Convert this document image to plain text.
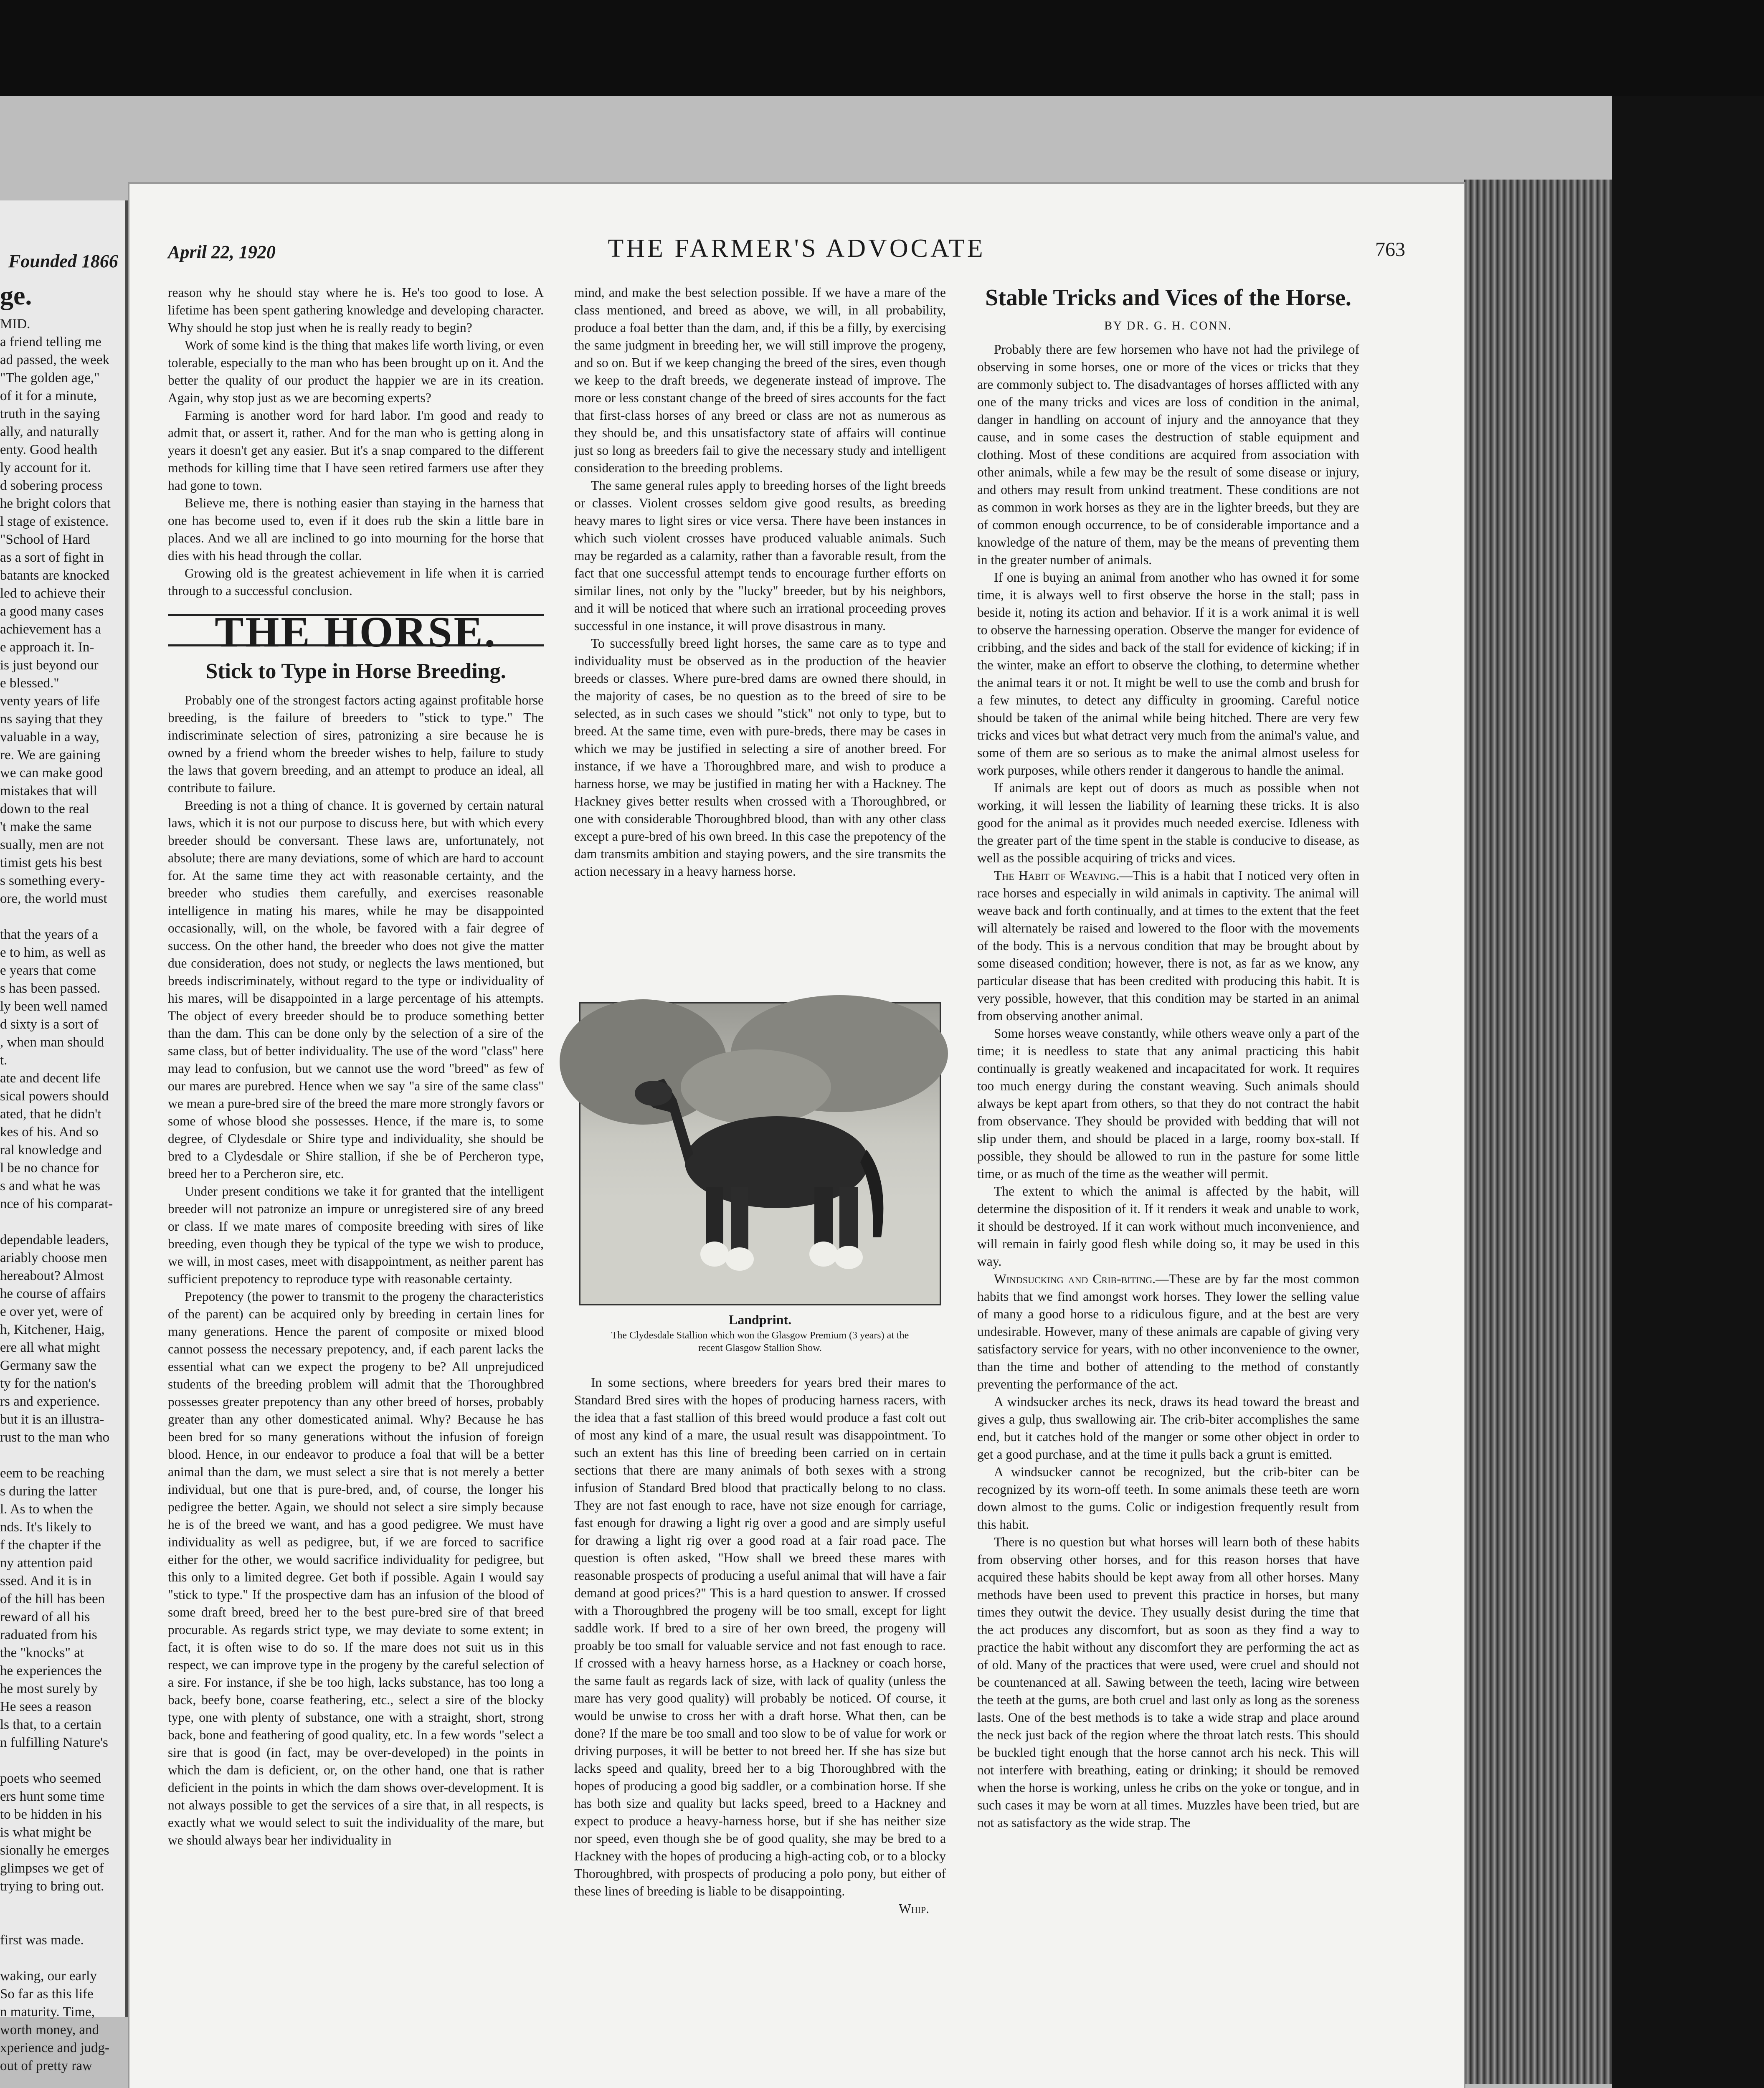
Founded 1866
ge.
MID.
a friend telling me
ad passed, the week
"The golden age,"
of it for a minute,
truth in the saying
ally, and naturally
enty. Good health
ly account for it.
d sobering process
he bright colors that
l stage of existence.
"School of Hard
as a sort of fight in
batants are knocked
led to achieve their
a good many cases
achievement has a
e approach it. In-
is just beyond our
e blessed."
venty years of life
ns saying that they
valuable in a way,
re. We are gaining
we can make good
mistakes that will
down to the real
't make the same
sually, men are not
timist gets his best
s something every-
ore, the world must

that the years of a
e to him, as well as
e years that come
s has been passed.
ly been well named
d sixty is a sort of
, when man should
t.
ate and decent life
sical powers should
ated, that he didn't
kes of his. And so
ral knowledge and
l be no chance for
s and what he was
nce of his comparat-

dependable leaders,
ariably choose men
hereabout? Almost
he course of affairs
e over yet, were of
h, Kitchener, Haig,
ere all what might
Germany saw the
ty for the nation's
rs and experience.
but it is an illustra-
rust to the man who

eem to be reaching
s during the latter
l. As to when the
nds. It's likely to
f the chapter if the
ny attention paid
ssed. And it is in
of the hill has been
reward of all his
raduated from his
the "knocks" at
he experiences the
he most surely by
He sees a reason
ls that, to a certain
n fulfilling Nature's

poets who seemed
ers hunt some time
to be hidden in his
is what might be
sionally he emerges
glimpses we get of
trying to bring out.

first was made.

waking, our early
So far as this life
n maturity. Time,
worth money, and
xperience and judg-
out of pretty raw

April 22, 1920	THE FARMER'S ADVOCATE	763

reason why he should stay where he is. He's too good to lose. A lifetime has been spent gathering knowledge and developing character. Why should he stop just when he is really ready to begin?

Work of some kind is the thing that makes life worth living, or even tolerable, especially to the man who has been brought up on it. And the better the quality of our product the happier we are in its creation. Again, why stop just as we are becoming experts?

Farming is another word for hard labor. I'm good and ready to admit that, or assert it, rather. And for the man who is getting along in years it doesn't get any easier. But it's a snap compared to the different methods for killing time that I have seen retired farmers use after they had gone to town.

Believe me, there is nothing easier than staying in the harness that one has become used to, even if it does rub the skin a little bare in places. And we all are inclined to go into mourning for the horse that dies with his head through the collar.

Growing old is the greatest achievement in life when it is carried through to a successful conclusion.

THE HORSE.
Stick to Type in Horse Breeding.

Probably one of the strongest factors acting against profitable horse breeding, is the failure of breeders to "stick to type." The indiscriminate selection of sires, patronizing a sire because he is owned by a friend whom the breeder wishes to help, failure to study the laws that govern breeding, and an attempt to produce an ideal, all contribute to failure.

Breeding is not a thing of chance. It is governed by certain natural laws, which it is not our purpose to discuss here, but with which every breeder should be conversant. These laws are, unfortunately, not absolute; there are many deviations, some of which are hard to account for. At the same time they act with reasonable certainty, and the breeder who studies them carefully, and exercises reasonable intelligence in mating his mares, while he may be disappointed occasionally, will, on the whole, be favored with a fair degree of success. On the other hand, the breeder who does not give the matter due consideration, does not study, or neglects the laws mentioned, but breeds indiscriminately, without regard to the type or individuality of his mares, will be disappointed in a large percentage of his attempts. The object of every breeder should be to produce something better than the dam. This can be done only by the selection of a sire of the same class, but of better individuality. The use of the word "class" here may lead to confusion, but we cannot use the word "breed" as few of our mares are purebred. Hence when we say "a sire of the same class" we mean a pure-bred sire of the breed the mare more strongly favors or some of whose blood she possesses. Hence, if the mare is, to some degree, of Clydesdale or Shire type and individuality, she should be bred to a Clydesdale or Shire stallion, if she be of Percheron type, breed her to a Percheron sire, etc.

Under present conditions we take it for granted that the intelligent breeder will not patronize an impure or unregistered sire of any breed or class. If we mate mares of composite breeding with sires of like breeding, even though they be typical of the type we wish to produce, we will, in most cases, meet with disappointment, as neither parent has sufficient prepotency to reproduce type with reasonable certainty.

Prepotency (the power to transmit to the progeny the characteristics of the parent) can be acquired only by breeding in certain lines for many generations. Hence the parent of composite or mixed blood cannot possess the necessary prepotency, and, if each parent lacks the essential what can we expect the progeny to be? All unprejudiced students of the breeding problem will admit that the Thoroughbred possesses greater prepotency than any other breed of horses, probably greater than any other domesticated animal. Why? Because he has been bred for so many generations without the infusion of foreign blood. Hence, in our endeavor to produce a foal that will be a better animal than the dam, we must select a sire that is not merely a better individual, but one that is pure-bred, and, of course, the longer his pedigree the better. Again, we should not select a sire simply because he is of the breed we want, and has a good pedigree. We must have individuality as well as pedigree, but, if we are forced to sacrifice either for the other, we would sacrifice individuality for pedigree, but this only to a limited degree. Get both if possible. Again I would say "stick to type." If the prospective dam has an infusion of the blood of some draft breed, breed her to the best pure-bred sire of that breed procurable. As regards strict type, we may deviate to some extent; in fact, it is often wise to do so. If the mare does not suit us in this respect, we can improve type in the progeny by the careful selection of a sire. For instance, if she be too high, lacks substance, has too long a back, beefy bone, coarse feathering, etc., select a sire of the blocky type, one with plenty of substance, one with a straight, short, strong back, bone and feathering of good quality, etc. In a few words "select a sire that is good (in fact, may be over-developed) in the points in which the dam is deficient, or, on the other hand, one that is rather deficient in the points in which the dam shows over-development. It is not always possible to get the services of a sire that, in all respects, is exactly what we would select to suit the individuality of the mare, but we should always bear her individuality in

mind, and make the best selection possible. If we have a mare of the class mentioned, and breed as above, we will, in all probability, produce a foal better than the dam, and, if this be a filly, by exercising the same judgment in breeding her, we will still improve the progeny, and so on. But if we keep changing the breed of the sires, even though we keep to the draft breeds, we degenerate instead of improve. The more or less constant change of the breed of sires accounts for the fact that first-class horses of any breed or class are not as numerous as they should be, and this unsatisfactory state of affairs will continue just so long as breeders fail to give the necessary study and intelligent consideration to the breeding problems.

The same general rules apply to breeding horses of the light breeds or classes. Violent crosses seldom give good results, as breeding heavy mares to light sires or vice versa. There have been instances in which such violent crosses have produced valuable animals. Such may be regarded as a calamity, rather than a favorable result, from the fact that one successful attempt tends to encourage further efforts on similar lines, not only by the "lucky" breeder, but by his neighbors, and it will be noticed that where such an irrational proceeding proves successful in one instance, it will prove disastrous in many.

To successfully breed light horses, the same care as to type and individuality must be observed as in the production of the heavier breeds or classes. Where pure-bred dams are owned there should, in the majority of cases, be no question as to the breed of sire to be selected, as in such cases we should "stick" not only to type, but to breed. At the same time, even with pure-breds, there may be cases in which we may be justified in selecting a sire of another breed. For instance, if we have a Thoroughbred mare, and wish to produce a harness horse, we may be justified in mating her with a Hackney. The Hackney gives better results when crossed with a Thoroughbred, or one with considerable Thoroughbred blood, than with any other class except a pure-bred of his own breed. In this case the prepotency of the dam transmits ambition and staying powers, and the sire transmits the action necessary in a heavy harness horse.

Landprint.
The Clydesdale Stallion which won the Glasgow Premium (3 years) at the recent Glasgow Stallion Show.

In some sections, where breeders for years bred their mares to Standard Bred sires with the hopes of producing harness racers, with the idea that a fast stallion of this breed would produce a fast colt out of most any kind of a mare, the usual result was disappointment. To such an extent has this line of breeding been carried on in certain sections that there are many animals of both sexes with a strong infusion of Standard Bred blood that practically belong to no class. They are not fast enough to race, have not size enough for carriage, fast enough for drawing a light rig over a good and are simply useful for drawing a light rig over a good road at a fair road pace. The question is often asked, "How shall we breed these mares with reasonable prospects of producing a useful animal that will have a fair demand at good prices?" This is a hard question to answer. If crossed with a Thoroughbred the progeny will be too small, except for light saddle work. If bred to a sire of her own breed, the progeny will proably be too small for valuable service and not fast enough to race. If crossed with a heavy harness horse, as a Hackney or coach horse, the same fault as regards lack of size, with lack of quality (unless the mare has very good quality) will probably be noticed. Of course, it would be unwise to cross her with a draft horse. What then, can be done? If the mare be too small and too slow to be of value for work or driving purposes, it will be better to not breed her. If she has size but lacks speed and quality, breed her to a big Thoroughbred with the hopes of producing a good big saddler, or a combination horse. If she has both size and quality but lacks speed, breed to a Hackney and expect to produce a heavy-harness horse, but if she has neither size nor speed, even though she be of good quality, she may be bred to a Hackney with the hopes of producing a high-acting cob, or to a blocky Thoroughbred, with prospects of producing a polo pony, but either of these lines of breeding is liable to be disappointing.

Whip.
Stable Tricks and Vices of the Horse.
BY DR. G. H. CONN.

Probably there are few horsemen who have not had the privilege of observing in some horses, one or more of the vices or tricks that they are commonly subject to. The disadvantages of horses afflicted with any one of the many tricks and vices are loss of condition in the animal, danger in handling on account of injury and the annoyance that they cause, and in some cases the destruction of stable equipment and clothing. Most of these conditions are acquired from association with other animals, while a few may be the result of some disease or injury, and others may result from unkind treatment. These conditions are not as common in work horses as they are in the lighter breeds, but they are of common enough occurrence, to be of considerable importance and a knowledge of the nature of them, may be the means of preventing them in the greater number of animals.

If one is buying an animal from another who has owned it for some time, it is always well to first observe the horse in the stall; pass in beside it, noting its action and behavior. If it is a work animal it is well to observe the harnessing operation. Observe the manger for evidence of cribbing, and the sides and back of the stall for evidence of kicking; if in the winter, make an effort to observe the clothing, to determine whether the animal tears it or not. It might be well to use the comb and brush for a few minutes, to detect any difficulty in grooming. Careful notice should be taken of the animal while being hitched. There are very few tricks and vices but what detract very much from the animal's value, and some of them are so serious as to make the animal almost useless for work purposes, while others render it dangerous to handle the animal.

If animals are kept out of doors as much as possible when not working, it will lessen the liability of learning these tricks. It is also good for the animal as it provides much needed exercise. Idleness with the greater part of the time spent in the stable is conducive to disease, as well as the possible acquiring of tricks and vices.

The Habit of Weaving.—This is a habit that I noticed very often in race horses and especially in wild animals in captivity. The animal will weave back and forth continually, and at times to the extent that the feet will alternately be raised and lowered to the floor with the movements of the body. This is a nervous condition that may be brought about by some diseased condition; however, there is not, as far as we know, any particular disease that has been credited with producing this habit. It is very possible, however, that this condition may be started in an animal from observing another animal.

Some horses weave constantly, while others weave only a part of the time; it is needless to state that any animal practicing this habit continually is greatly weakened and incapacitated for work. It requires too much energy during the constant weaving. Such animals should always be kept apart from others, so that they do not contract the habit from observance. They should be provided with bedding that will not slip under them, and should be placed in a large, roomy box-stall. If possible, they should be allowed to run in the pasture for some little time, or as much of the time as the weather will permit.

The extent to which the animal is affected by the habit, will determine the disposition of it. If it renders it weak and unable to work, it should be destroyed. If it can work without much inconvenience, and will remain in fairly good flesh while doing so, it may be used in this way.

Windsucking and Crib-biting.—These are by far the most common habits that we find amongst work horses. They lower the selling value of many a good horse to a ridiculous figure, and at the best are very undesirable. However, many of these animals are capable of giving very satisfactory service for years, with no other inconvenience to the owner, than the time and bother of attending to the method of constantly preventing the performance of the act.

A windsucker arches its neck, draws its head toward the breast and gives a gulp, thus swallowing air. The crib-biter accomplishes the same end, but it catches hold of the manger or some other object in order to get a good purchase, and at the time it pulls back a grunt is emitted.

A windsucker cannot be recognized, but the crib-biter can be recognized by its worn-off teeth. In some animals these teeth are worn down almost to the gums. Colic or indigestion frequently result from this habit.

There is no question but what horses will learn both of these habits from observing other horses, and for this reason horses that have acquired these habits should be kept away from all other horses. Many methods have been used to prevent this practice in horses, but many times they outwit the device. They usually desist during the time that the act produces any discomfort, but as soon as they find a way to practice the habit without any discomfort they are performing the act as of old. Many of the practices that were used, were cruel and should not be countenanced at all. Sawing between the teeth, lacing wire between the teeth at the gums, are both cruel and last only as long as the soreness lasts. One of the best methods is to take a wide strap and place around the neck just back of the region where the throat latch rests. This should be buckled tight enough that the horse cannot arch his neck. This will not interfere with breathing, eating or drinking; it should be removed when the horse is working, unless he cribs on the yoke or tongue, and in such cases it may be worn at all times. Muzzles have been tried, but are not as satisfactory as the wide strap. The
